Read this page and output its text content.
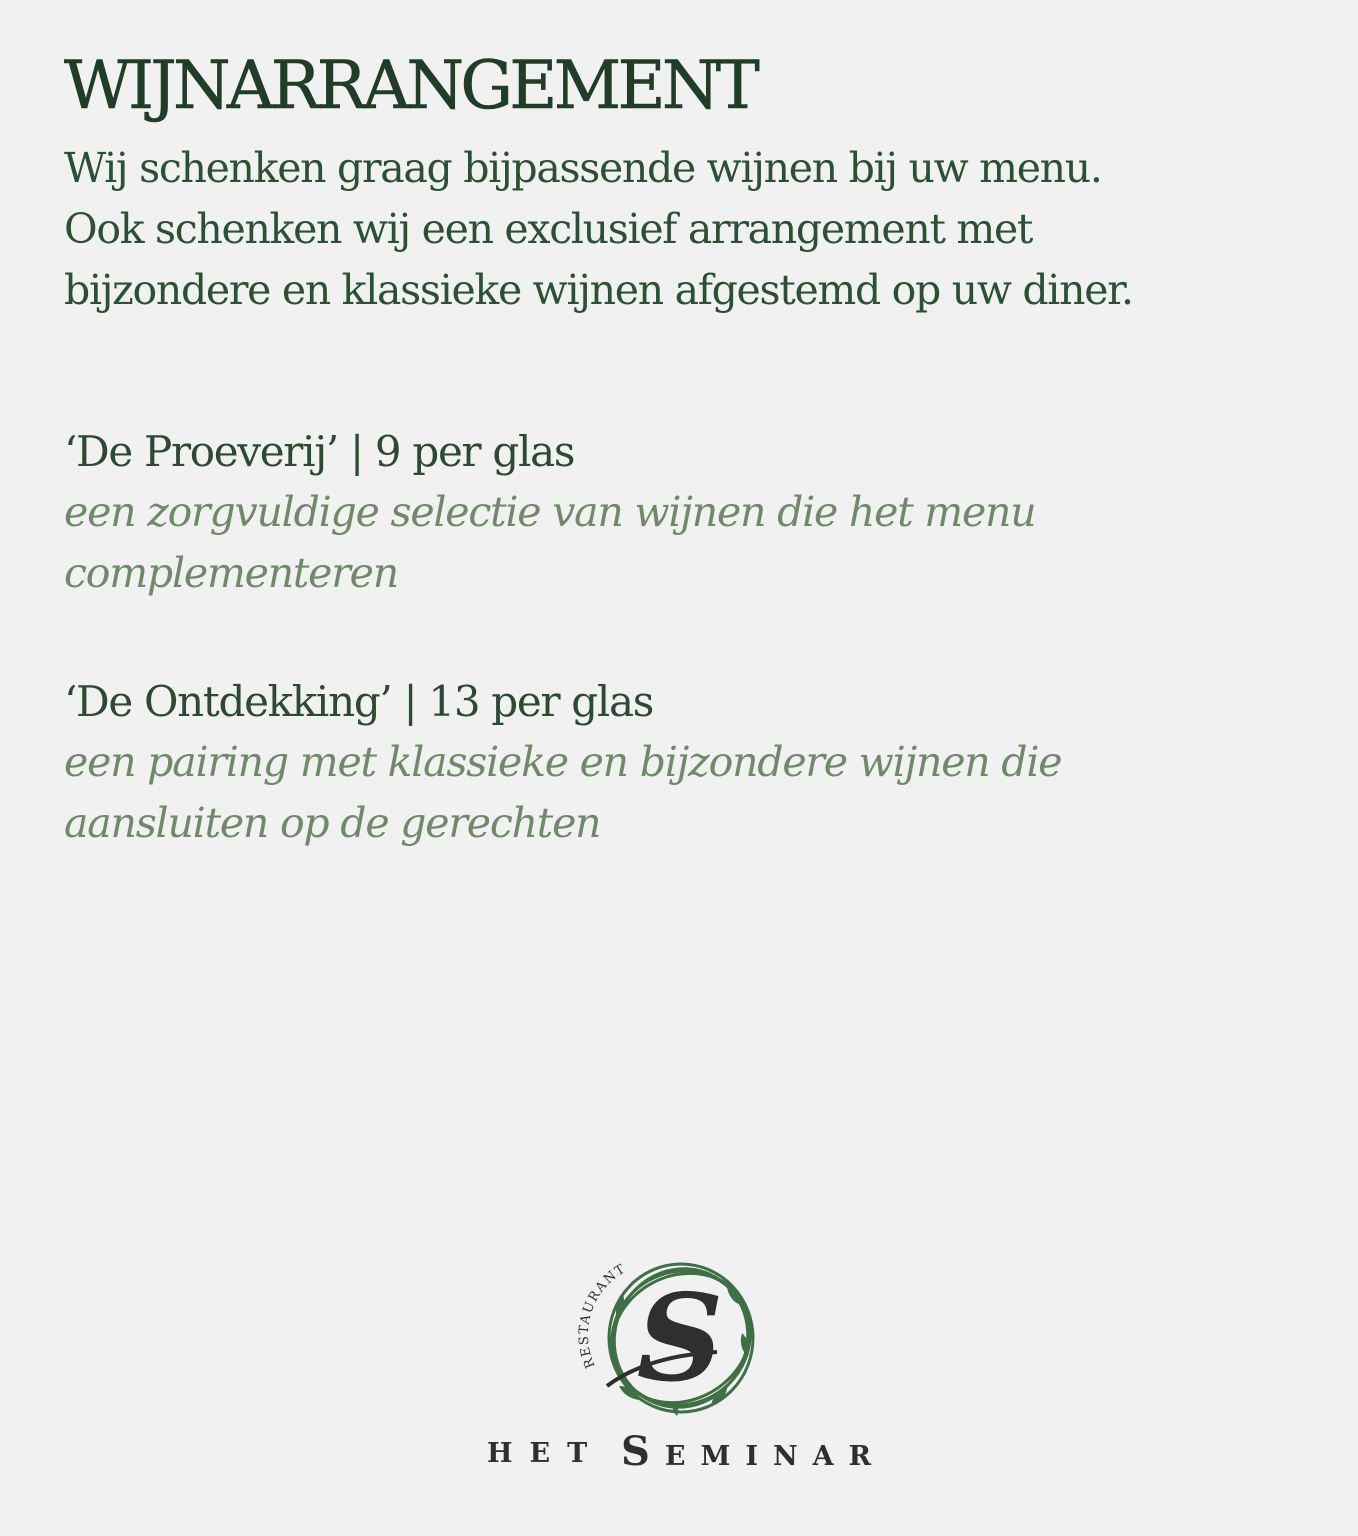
WIJNARRANGEMENT

Wij schenken graag bijpassende wijnen bij uw menu.
Ook schenken wij een exclusief arrangement met
bijzondere en klassieke wijnen afgestemd op uw diner.

‘De Proeverij’ | 9 per glas
een zorgvuldige selectie van wijnen die het menu
complementeren
‘De Ontdekking’ | 13 per glas
een pairing met klassieke en bijzondere wijnen die
aansluiten op de gerechten
RESTAURANT S
HET SEMINAR
